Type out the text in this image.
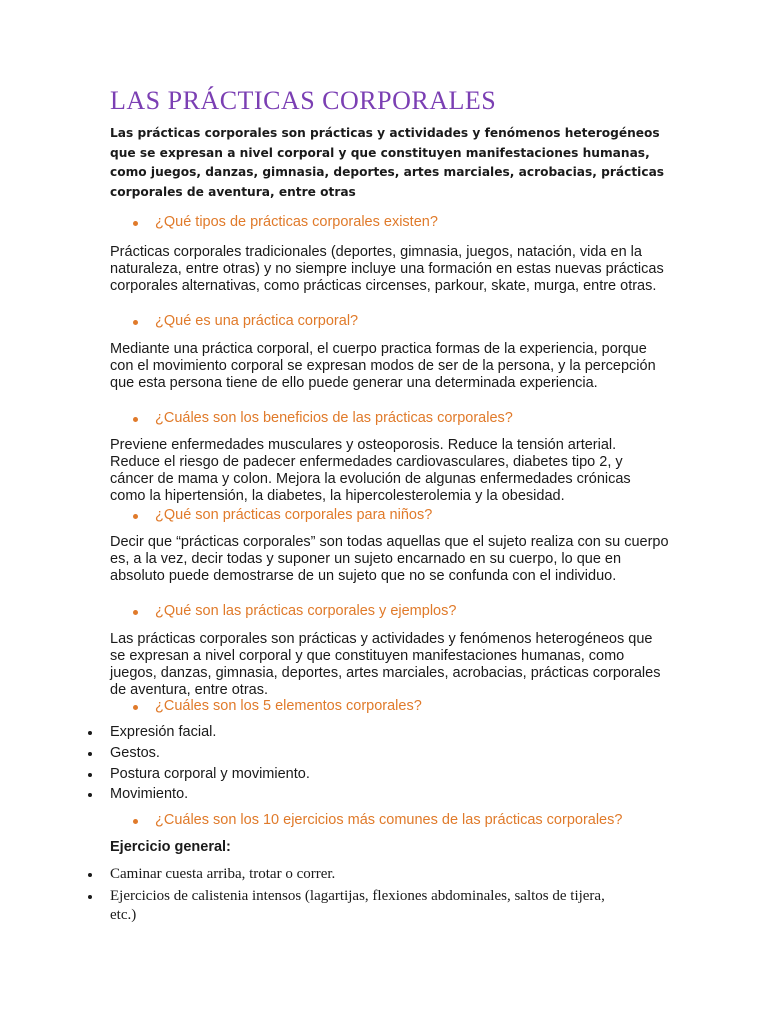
LAS PRÁCTICAS CORPORALES

Las prácticas corporales son prácticas y actividades y fenómenos heterogéneos que se expresan a nivel corporal y que constituyen manifestaciones humanas, como juegos, danzas, gimnasia, deportes, artes marciales, acrobacias, prácticas corporales de aventura, entre otras

¿Qué tipos de prácticas corporales existen?

Prácticas corporales tradicionales (deportes, gimnasia, juegos, natación, vida en la naturaleza, entre otras) y no siempre incluye una formación en estas nuevas prácticas corporales alternativas, como prácticas circenses, parkour, skate, murga, entre otras.

¿Qué es una práctica corporal?

Mediante una práctica corporal, el cuerpo practica formas de la experiencia, porque con el movimiento corporal se expresan modos de ser de la persona, y la percepción que esta persona tiene de ello puede generar una determinada experiencia.

¿Cuáles son los beneficios de las prácticas corporales?

Previene enfermedades musculares y osteoporosis. Reduce la tensión arterial. Reduce el riesgo de padecer enfermedades cardiovasculares, diabetes tipo 2, y cáncer de mama y colon. Mejora la evolución de algunas enfermedades crónicas como la hipertensión, la diabetes, la hipercolesterolemia y la obesidad.

¿Qué son prácticas corporales para niños?

Decir que “prácticas corporales” son todas aquellas que el sujeto realiza con su cuerpo es, a la vez, decir todas y suponer un sujeto encarnado en su cuerpo, lo que en absoluto puede demostrarse de un sujeto que no se confunda con el individuo.

¿Qué son las prácticas corporales y ejemplos?

Las prácticas corporales son prácticas y actividades y fenómenos heterogéneos que se expresan a nivel corporal y que constituyen manifestaciones humanas, como juegos, danzas, gimnasia, deportes, artes marciales, acrobacias, prácticas corporales de aventura, entre otras.

¿Cuáles son los 5 elementos corporales?
Expresión facial.
Gestos.
Postura corporal y movimiento.
Movimiento.
¿Cuáles son los 10 ejercicios más comunes de las prácticas corporales?
Ejercicio general:
Caminar cuesta arriba, trotar o correr.
Ejercicios de calistenia intensos (lagartijas, flexiones abdominales, saltos de tijera, etc.)
